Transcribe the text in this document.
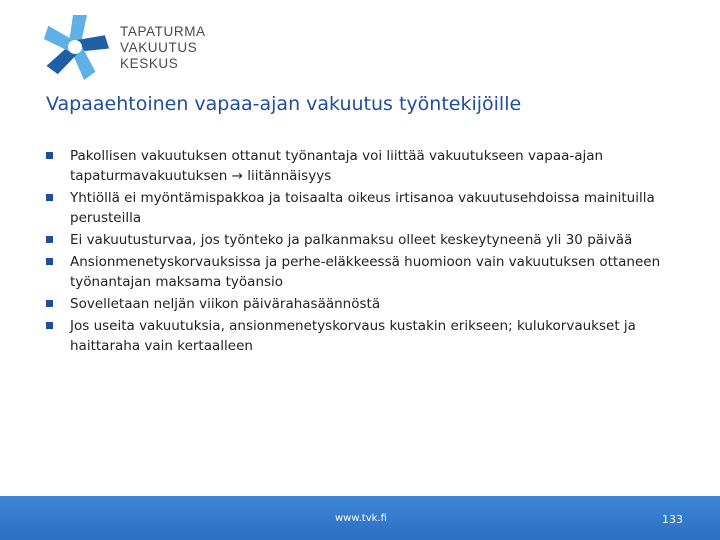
TAPATURMA
VAKUUTUS
KESKUS
Vapaaehtoinen vapaa-ajan vakuutus työntekijöille
Pakollisen vakuutuksen ottanut työnantaja voi liittää vakuutukseen vapaa-ajan tapaturmavakuutuksen → liitännäisyys
Yhtiöllä ei myöntämispakkoa ja toisaalta oikeus irtisanoa vakuutusehdoissa mainituilla perusteilla
Ei vakuutusturvaa, jos työnteko ja palkanmaksu olleet keskeytyneenä yli 30 päivää
Ansionmenetyskorvauksissa ja perhe-eläkkeessä huomioon vain vakuutuksen ottaneen työnantajan maksama työansio
Sovelletaan neljän viikon päivärahasäännöstä
Jos useita vakuutuksia, ansionmenetyskorvaus kustakin erikseen; kulukorvaukset ja haittaraha vain kertaalleen
www.tvk.fi	133
